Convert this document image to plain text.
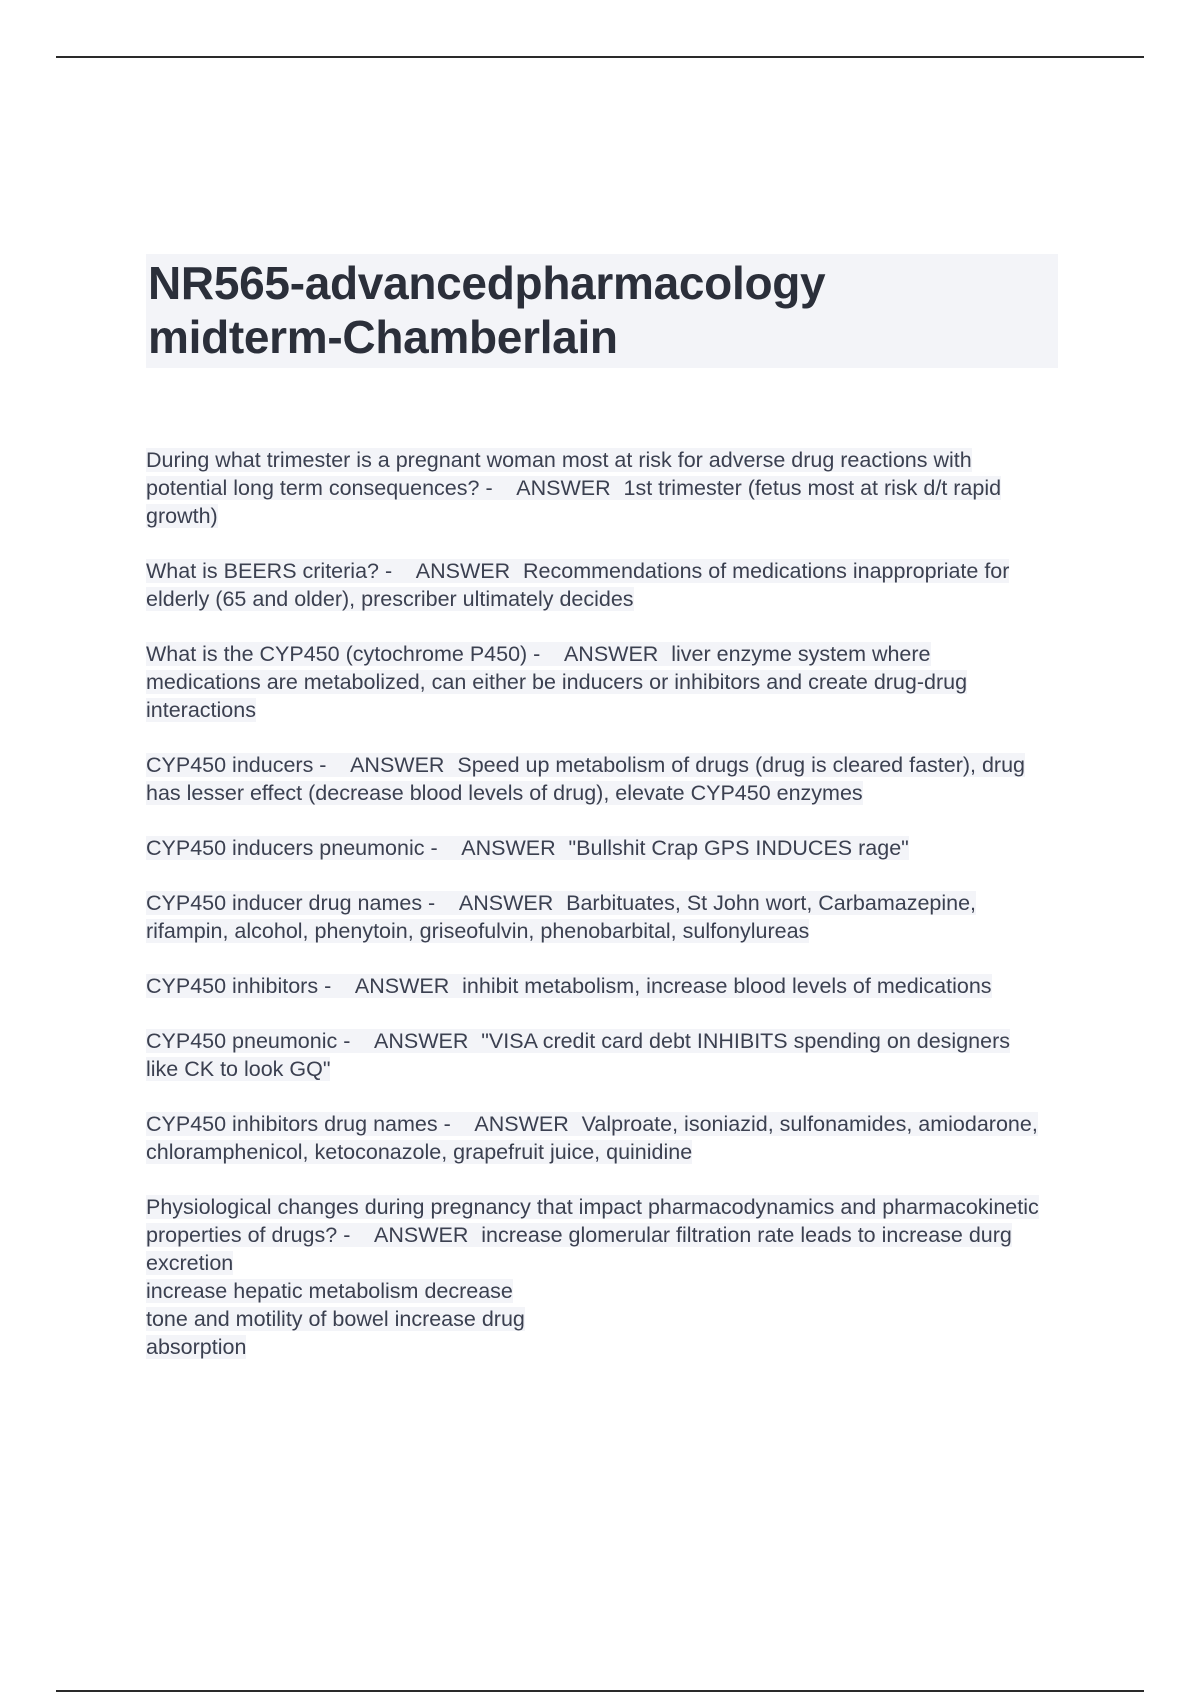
NR565-advancedpharmacology
midterm-Chamberlain

During what trimester is a pregnant woman most at risk for adverse drug reactions with potential long term consequences? - ANSWER 1st trimester (fetus most at risk d/t rapid growth)

What is BEERS criteria? - ANSWER Recommendations of medications inappropriate for elderly (65 and older), prescriber ultimately decides

What is the CYP450 (cytochrome P450) - ANSWER liver enzyme system where medications are metabolized, can either be inducers or inhibitors and create drug-drug interactions

CYP450 inducers - ANSWER Speed up metabolism of drugs (drug is cleared faster), drug has lesser effect (decrease blood levels of drug), elevate CYP450 enzymes

CYP450 inducers pneumonic - ANSWER "Bullshit Crap GPS INDUCES rage"

CYP450 inducer drug names - ANSWER Barbituates, St John wort, Carbamazepine, rifampin, alcohol, phenytoin, griseofulvin, phenobarbital, sulfonylureas

CYP450 inhibitors - ANSWER inhibit metabolism, increase blood levels of medications

CYP450 pneumonic - ANSWER "VISA credit card debt INHIBITS spending on designers like CK to look GQ"

CYP450 inhibitors drug names - ANSWER Valproate, isoniazid, sulfonamides, amiodarone, chloramphenicol, ketoconazole, grapefruit juice, quinidine

Physiological changes during pregnancy that impact pharmacodynamics and pharmacokinetic properties of drugs? - ANSWER increase glomerular filtration rate leads to increase durg excretion
increase hepatic metabolism decrease
tone and motility of bowel increase drug
absorption
